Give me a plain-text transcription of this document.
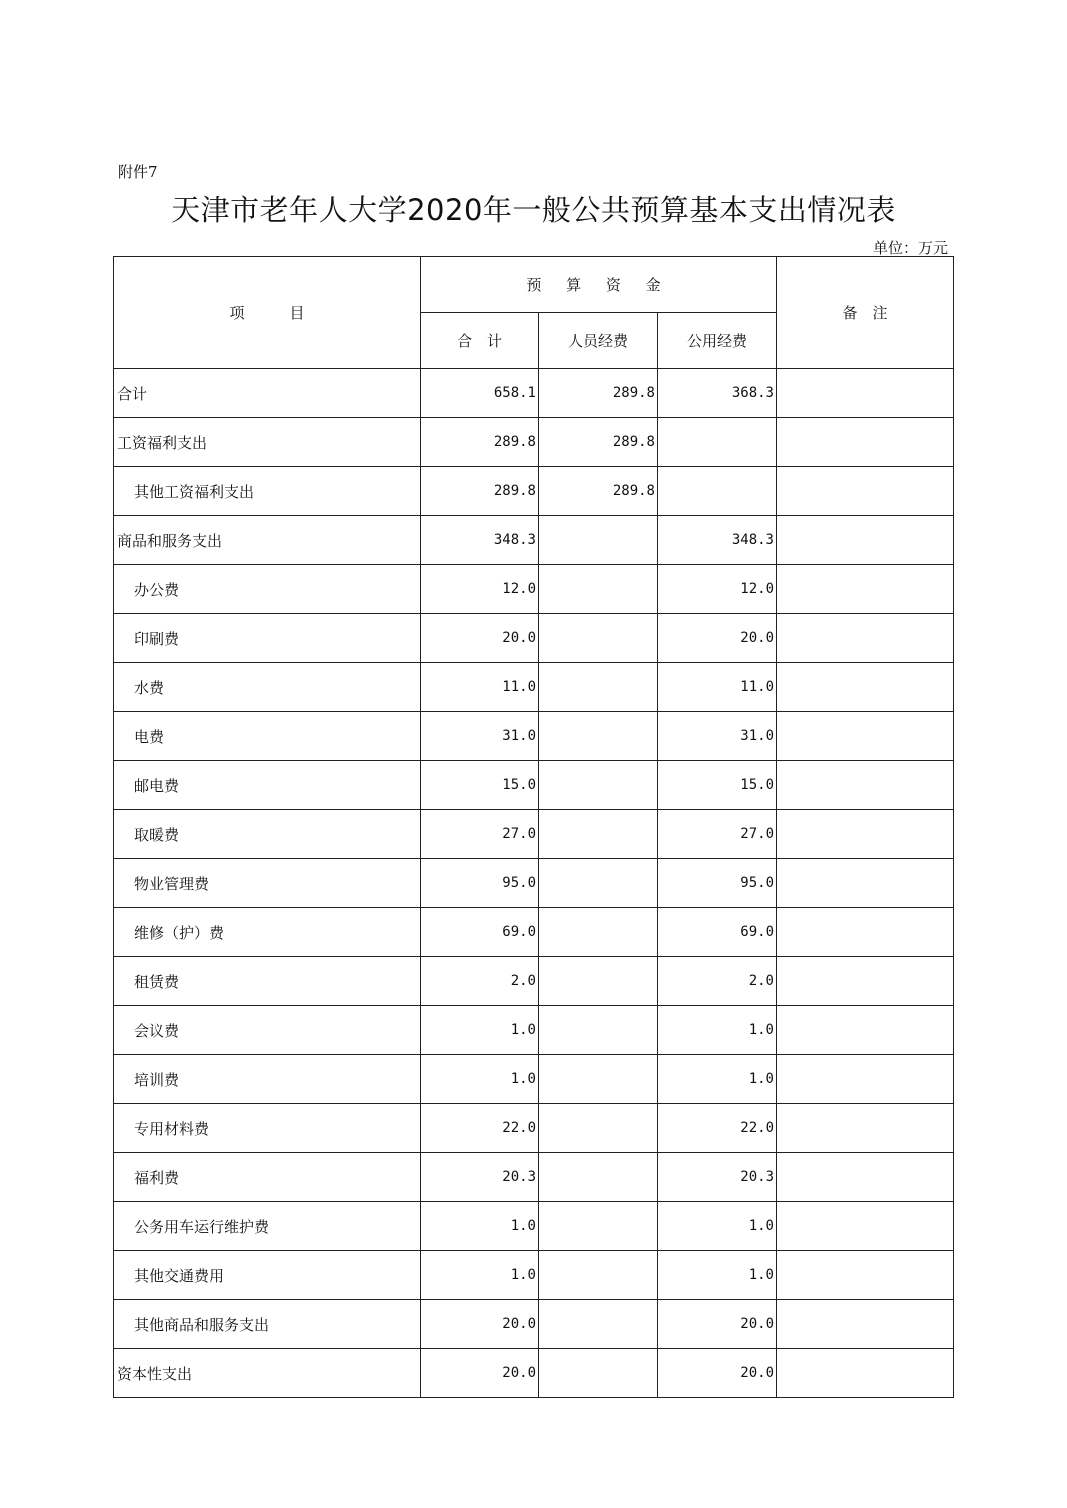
附件7
天津市老年人大学2020年一般公共预算基本支出情况表
单位：万元
项　　　目	预 算 资 金			备　注
	合　计	人员经费	公用经费	
合计	658.1	289.8	368.3	
工资福利支出	289.8	289.8		
其他工资福利支出	289.8	289.8		
商品和服务支出	348.3		348.3	
办公费	12.0		12.0	
印刷费	20.0		20.0	
水费	11.0		11.0	
电费	31.0		31.0	
邮电费	15.0		15.0	
取暖费	27.0		27.0	
物业管理费	95.0		95.0	
维修（护）费	69.0		69.0	
租赁费	2.0		2.0	
会议费	1.0		1.0	
培训费	1.0		1.0	
专用材料费	22.0		22.0	
福利费	20.3		20.3	
公务用车运行维护费	1.0		1.0	
其他交通费用	1.0		1.0	
其他商品和服务支出	20.0		20.0	
资本性支出	20.0		20.0	
